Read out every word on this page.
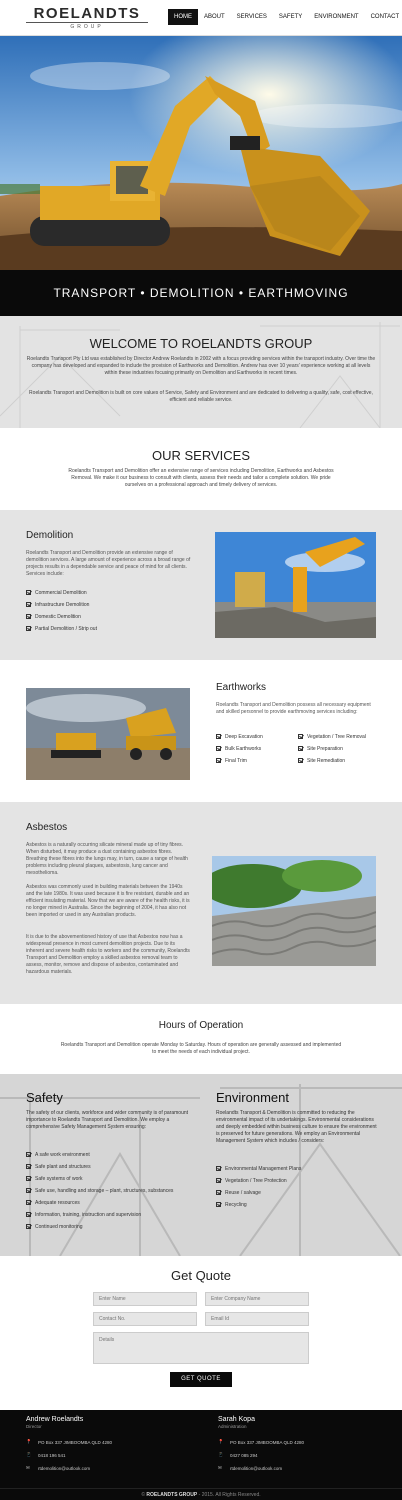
ROELANDTS
GROUP
HOME	ABOUT	SERVICES	SAFETY	ENVIRONMENT	CONTACT
TRANSPORT • DEMOLITION • EARTHMOVING
WELCOME TO ROELANDTS GROUP

Roelandts Transport Pty Ltd was established by Director Andrew Roelandts in 2002 with a focus providing services within the transport industry. Over time the company has developed and expanded to include the provision of Earthworks and Demolition. Andrew has over 10 years' experience working at all levels within these industries focusing primarily on Demolition and Earthworks in recent times.

Roelandts Transport and Demolition is built on core values of Service, Safety and Environment and are dedicated to delivering a quality, safe, cost effective, efficient and reliable service.

OUR SERVICES

Roelandts Transport and Demolition offer an extensive range of services including Demolition, Earthworks and Asbestos Removal. We make it our business to consult with clients, assess their needs and tailor a complete solution. We pride ourselves on a professional approach and timely delivery of services.

Demolition
Roelandts Transport and Demolition provide an extensive range of demolition services. A large amount of experience across a broad range of projects results in a dependable service and peace of mind for all clients. Services include:
Commercial Demolition
Infrastructure Demolition
Domestic Demolition
Partial Demolition / Strip out
Earthworks
Roelandts Transport and Demolition possess all necessary equipment and skilled personnel to provide earthmoving services including:
Deep Excavation
Bulk Earthworks
Final Trim
Vegetation / Tree Removal
Site Preparation
Site Remediation
Asbestos
Asbestos is a naturally occurring silicate mineral made up of tiny fibres. When disturbed, it may produce a dust containing asbestos fibres. Breathing these fibres into the lungs may, in turn, cause a range of health problems including pleural plaques, asbestosis, lung cancer and mesothelioma.
Asbestos was commonly used in building materials between the 1940s and the late 1980s. It was used because it is fire resistant, durable and an efficient insulating material. Now that we are aware of the health risks, it is no longer mined in Australia. Since the beginning of 2004, it has also not been imported or used in any Australian products.
It is due to the abovementioned history of use that Asbestos now has a widespread presence in most current demolition projects. Due to its inherent and severe health risks to workers and the community, Roelandts Transport and Demolition employ a skilled asbestos removal team to assess, monitor, remove and dispose of asbestos, contaminated and hazardous materials.
Hours of Operation

Roelandts Transport and Demolition operate Monday to Saturday. Hours of operation are generally assessed and implemented to meet the needs of each individual project.

Safety
The safety of our clients, workforce and wider community is of paramount importance to Roelandts Transport and Demolition. We employ a comprehensive Safety Management System ensuring:
A safe work environment
Safe plant and structures
Safe systems of work
Safe use, handling and storage – plant, structures, substances
Adequate resources
Information, training, instruction and supervision
Continued monitoring
Environment
Roelandts Transport & Demolition is committed to reducing the environmental impact of its undertakings. Environmental considerations and deeply embedded within business culture to ensure the environment is preserved for future generations. We employ an Environmental Management System which includes / considers:
Environmental Management Plans
Vegetation / Tree Protection
Reuse / salvage
Recycling
Get Quote
Enter Name
Enter Company Name
Contact No.
Email Id
Details
GET QUOTE
Andrew Roelandts
Director
📍 PO Box 337 JIMBOOMBA QLD 4280
📱 0418 196 541
✉ rtdemolition@outlook.com
Sarah Kopa
Administration
📍 PO Box 337 JIMBOOMBA QLD 4280
📱 0427 085 294
✉ rtdemolition@outlook.com
© ROELANDTS GROUP - 2015. All Rights Reserved.
